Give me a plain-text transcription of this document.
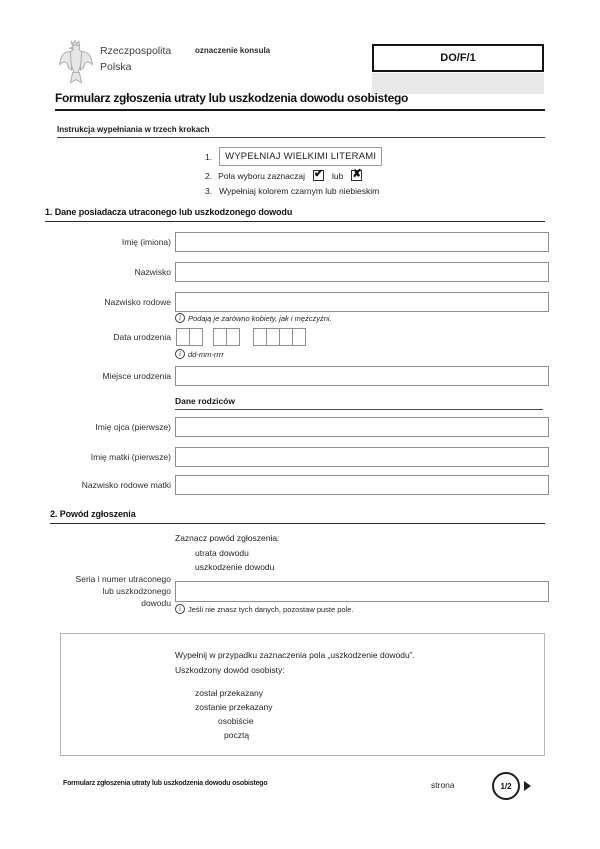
Rzeczpospolita
Polska
oznaczenie konsula
DO/F/1
Formularz zgłoszenia utraty lub uszkodzenia dowodu osobistego
Instrukcja wypełniania w trzech krokach
1.	WYPEŁNIAJ WIELKIMI LITERAMI
2. Pola wyboru zaznaczaj ✔ lub ✘
3. Wypełniaj kolorem czarnym lub niebieskim
1. Dane posiadacza utraconego lub uszkodzonego dowodu
Imię (imiona)
Nazwisko
Nazwisko rodowe
i Podają je zarówno kobiety, jak i mężczyźni.
Data urodzenia
i dd-mm-rrrr
Miejsce urodzenia
Dane rodziców
Imię ojca (pierwsze)
Imię matki (pierwsze)
Nazwisko rodowe matki
2. Powód zgłoszenia
Zaznacz powód zgłoszenia:
utrata dowodu
uszkodzenie dowodu
Seria i numer utraconego
lub uszkodzonego
dowodu
i Jeśli nie znasz tych danych, pozostaw puste pole.
Wypełnij w przypadku zaznaczenia pola „uszkodzenie dowodu”.
Uszkodzony dowód osobisty:
został przekazany
zostanie przekazany
osobiście
pocztą
Formularz zgłoszenia utraty lub uszkodzenia dowodu osobistego	strona	1/2
